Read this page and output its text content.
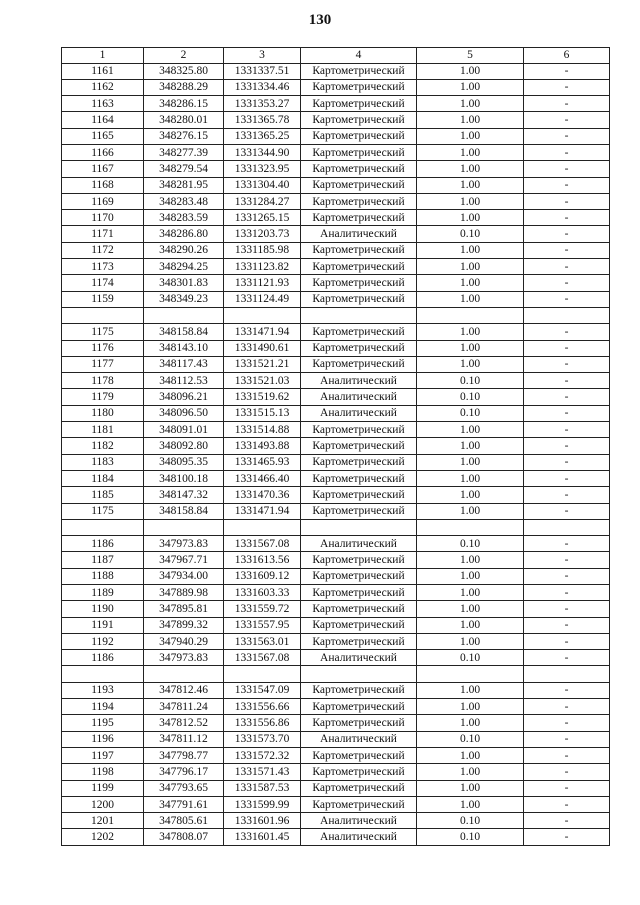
130
1	2	3	4	5	6
1161	348325.80	1331337.51	Картометрический	1.00	-
1162	348288.29	1331334.46	Картометрический	1.00	-
1163	348286.15	1331353.27	Картометрический	1.00	-
1164	348280.01	1331365.78	Картометрический	1.00	-
1165	348276.15	1331365.25	Картометрический	1.00	-
1166	348277.39	1331344.90	Картометрический	1.00	-
1167	348279.54	1331323.95	Картометрический	1.00	-
1168	348281.95	1331304.40	Картометрический	1.00	-
1169	348283.48	1331284.27	Картометрический	1.00	-
1170	348283.59	1331265.15	Картометрический	1.00	-
1171	348286.80	1331203.73	Аналитический	0.10	-
1172	348290.26	1331185.98	Картометрический	1.00	-
1173	348294.25	1331123.82	Картометрический	1.00	-
1174	348301.83	1331121.93	Картометрический	1.00	-
1159	348349.23	1331124.49	Картометрический	1.00	-

1175	348158.84	1331471.94	Картометрический	1.00	-
1176	348143.10	1331490.61	Картометрический	1.00	-
1177	348117.43	1331521.21	Картометрический	1.00	-
1178	348112.53	1331521.03	Аналитический	0.10	-
1179	348096.21	1331519.62	Аналитический	0.10	-
1180	348096.50	1331515.13	Аналитический	0.10	-
1181	348091.01	1331514.88	Картометрический	1.00	-
1182	348092.80	1331493.88	Картометрический	1.00	-
1183	348095.35	1331465.93	Картометрический	1.00	-
1184	348100.18	1331466.40	Картометрический	1.00	-
1185	348147.32	1331470.36	Картометрический	1.00	-
1175	348158.84	1331471.94	Картометрический	1.00	-

1186	347973.83	1331567.08	Аналитический	0.10	-
1187	347967.71	1331613.56	Картометрический	1.00	-
1188	347934.00	1331609.12	Картометрический	1.00	-
1189	347889.98	1331603.33	Картометрический	1.00	-
1190	347895.81	1331559.72	Картометрический	1.00	-
1191	347899.32	1331557.95	Картометрический	1.00	-
1192	347940.29	1331563.01	Картометрический	1.00	-
1186	347973.83	1331567.08	Аналитический	0.10	-

1193	347812.46	1331547.09	Картометрический	1.00	-
1194	347811.24	1331556.66	Картометрический	1.00	-
1195	347812.52	1331556.86	Картометрический	1.00	-
1196	347811.12	1331573.70	Аналитический	0.10	-
1197	347798.77	1331572.32	Картометрический	1.00	-
1198	347796.17	1331571.43	Картометрический	1.00	-
1199	347793.65	1331587.53	Картометрический	1.00	-
1200	347791.61	1331599.99	Картометрический	1.00	-
1201	347805.61	1331601.96	Аналитический	0.10	-
1202	347808.07	1331601.45	Аналитический	0.10	-
